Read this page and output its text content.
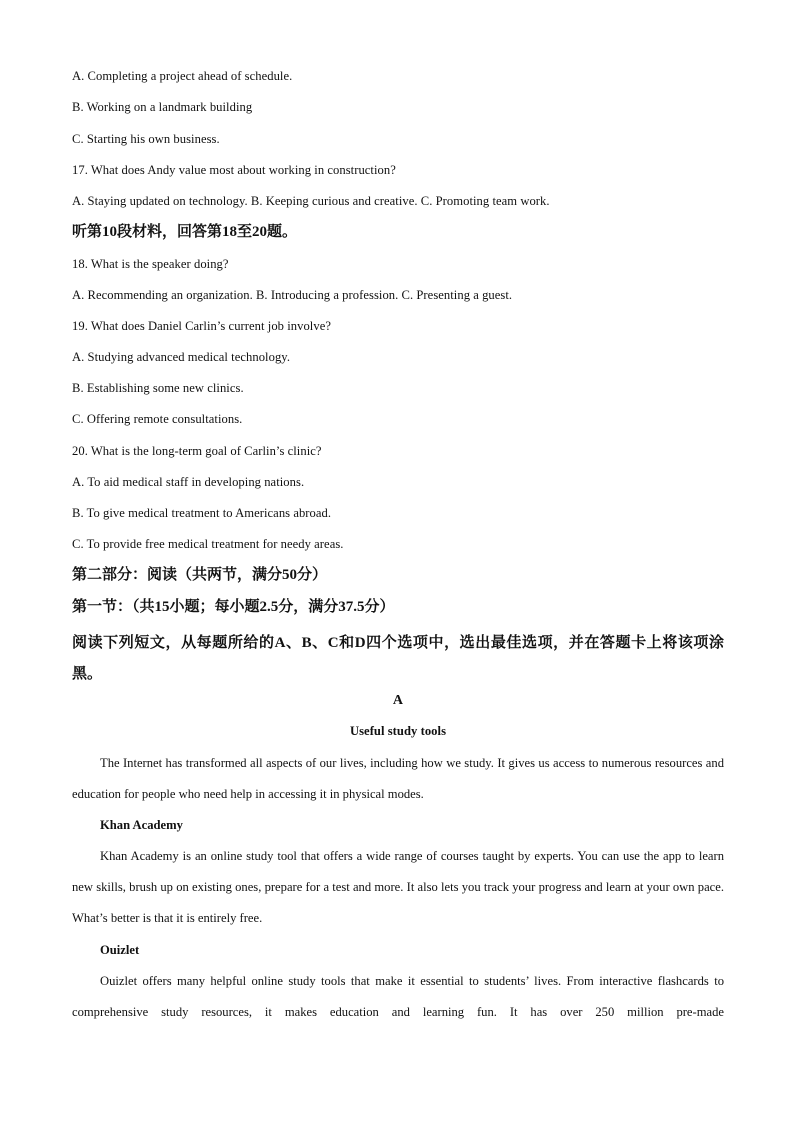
A. Completing a project ahead of schedule.
B. Working on a landmark building
C. Starting his own business.
17. What does Andy value most about working in construction?
A. Staying updated on technology. B. Keeping curious and creative. C. Promoting team work.
听第10段材料，回答第18至20题。
18. What is the speaker doing?
A. Recommending an organization. B. Introducing a profession. C. Presenting a guest.
19. What does Daniel Carlin’s current job involve?
A. Studying advanced medical technology.
B. Establishing some new clinics.
C. Offering remote consultations.
20. What is the long-term goal of Carlin’s clinic?
A. To aid medical staff in developing nations.
B. To give medical treatment to Americans abroad.
C. To provide free medical treatment for needy areas.
第二部分：阅读（共两节，满分50分）
第一节：（共15小题；每小题2.5分，满分37.5分）
阅读下列短文，从每题所给的A、B、C和D四个选项中，选出最佳选项，并在答题卡上将该项涂黑。
A
Useful study tools
The Internet has transformed all aspects of our lives, including how we study. It gives us access to numerous resources and education for people who need help in accessing it in physical modes.
Khan Academy
Khan Academy is an online study tool that offers a wide range of courses taught by experts. You can use the app to learn new skills, brush up on existing ones, prepare for a test and more. It also lets you track your progress and learn at your own pace. What’s better is that it is entirely free.
Ouizlet
Ouizlet offers many helpful online study tools that make it essential to students’ lives. From interactive flashcards to comprehensive study resources, it makes education and learning fun. It has over 250 million pre-made
